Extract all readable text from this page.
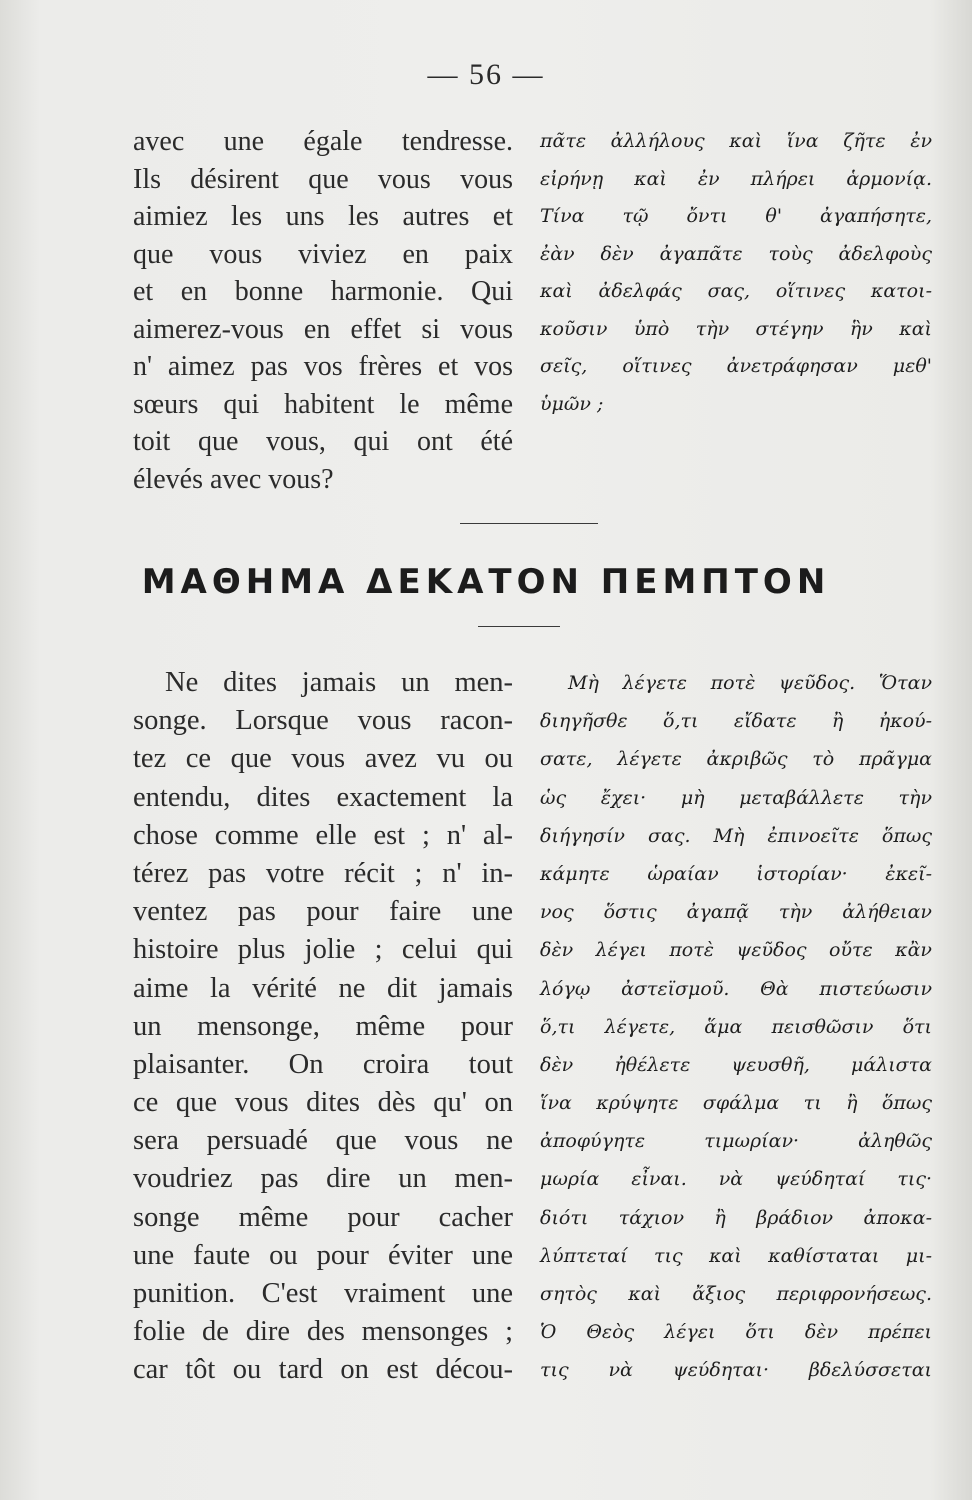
— 56 —
avec une égale tendresse.
Ils désirent que vous vous
aimiez les uns les autres et
que vous viviez en paix
et en bonne harmonie. Qui
aimerez-vous en effet si vous
n' aimez pas vos frères et vos
sœurs qui habitent le même
toit que vous, qui ont été
élevés avec vous?
πᾶτε ἀλλήλους καὶ ἵνα ζῆτε ἐν
εἰρήνῃ καὶ ἐν πλήρει ἁρμονίᾳ.
Τίνα τῷ ὄντι θ' ἀγαπήσητε,
ἐὰν δὲν ἀγαπᾶτε τοὺς ἀδελφοὺς
καὶ ἀδελφάς σας, οἵτινες κατοι-
κοῦσιν ὑπὸ τὴν στέγην ἣν καὶ
σεῖς, οἵτινες ἀνετράφησαν μεθ'
ὑμῶν ;
ΜΑΘΗΜΑ ΔΕΚΑΤΟΝ ΠΕΜΠΤΟΝ
Ne dites jamais un men-
songe. Lorsque vous racon-
tez ce que vous avez vu ou
entendu, dites exactement la
chose comme elle est ; n' al-
térez pas votre récit ; n' in-
ventez pas pour faire une
histoire plus jolie ; celui qui
aime la vérité ne dit jamais
un mensonge, même pour
plaisanter. On croira tout
ce que vous dites dès qu' on
sera persuadé que vous ne
voudriez pas dire un men-
songe même pour cacher
une faute ou pour éviter une
punition. C'est vraiment une
folie de dire des mensonges ;
car tôt ou tard on est décou-
Μὴ λέγετε ποτὲ ψεῦδος. Ὅταν
διηγῆσθε ὅ,τι εἴδατε ἢ ἠκού-
σατε, λέγετε ἀκριβῶς τὸ πρᾶγμα
ὡς ἔχει· μὴ μεταβάλλετε τὴν
διήγησίν σας. Μὴ ἐπινοεῖτε ὅπως
κάμητε ὡραίαν ἱστορίαν· ἐκεῖ-
νος ὅστις ἀγαπᾷ τὴν ἀλήθειαν
δὲν λέγει ποτὲ ψεῦδος οὔτε κἂν
λόγῳ ἀστεϊσμοῦ. Θὰ πιστεύωσιν
ὅ,τι λέγετε, ἅμα πεισθῶσιν ὅτι
δὲν ἠθέλετε ψευσθῆ, μάλιστα
ἵνα κρύψητε σφάλμα τι ἢ ὅπως
ἀποφύγητε τιμωρίαν· ἀληθῶς
μωρία εἶναι. νὰ ψεύδηταί τις·
διότι τάχιον ἢ βράδιον ἀποκα-
λύπτεταί τις καὶ καθίσταται μι-
σητὸς καὶ ἄξιος περιφρονήσεως.
Ὁ Θεὸς λέγει ὅτι δὲν πρέπει
τις νὰ ψεύδηται· βδελύσσεται
